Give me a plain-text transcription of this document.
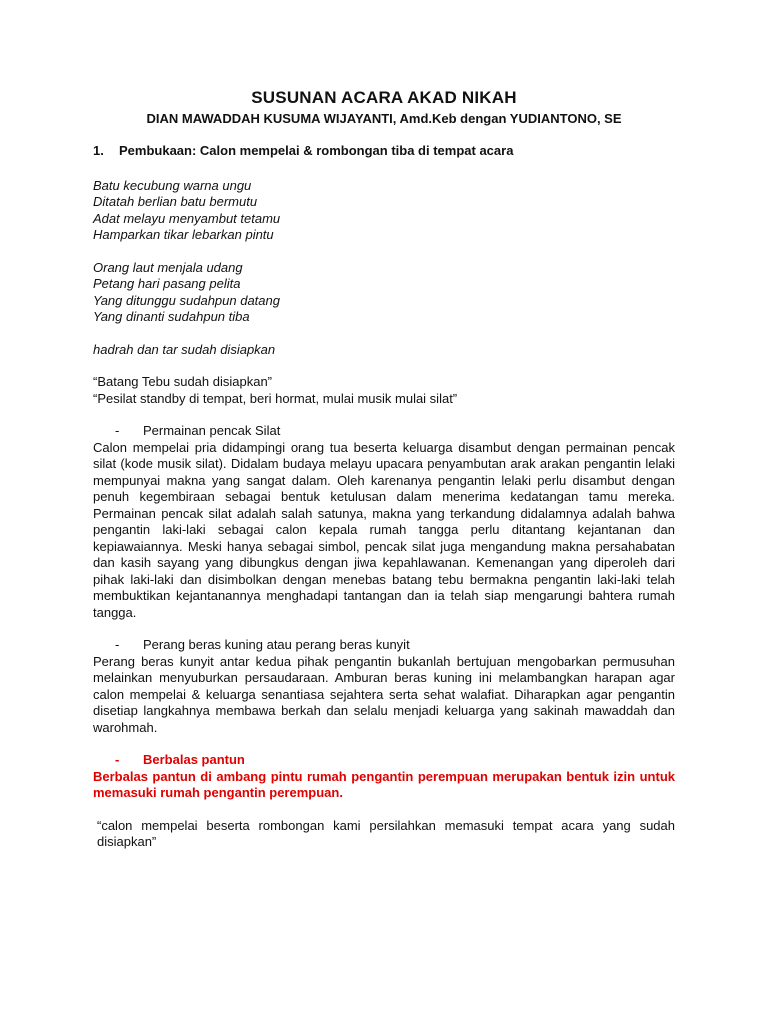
SUSUNAN ACARA AKAD NIKAH
DIAN MAWADDAH KUSUMA WIJAYANTI, Amd.Keb dengan YUDIANTONO, SE
1.	Pembukaan: Calon mempelai & rombongan tiba di tempat acara
Batu kecubung warna ungu
Ditatah berlian batu bermutu
Adat melayu menyambut tetamu
Hamparkan tikar lebarkan pintu
Orang laut menjala udang
Petang hari pasang pelita
Yang ditunggu sudahpun datang
Yang dinanti sudahpun tiba
hadrah dan tar sudah disiapkan
“Batang Tebu sudah disiapkan”
“Pesilat standby di tempat, beri hormat, mulai musik mulai silat”
-	Permainan pencak Silat
Calon mempelai pria didampingi orang tua beserta keluarga disambut dengan permainan pencak silat (kode musik silat). Didalam budaya melayu upacara penyambutan arak arakan pengantin lelaki mempunyai makna yang sangat dalam. Oleh karenanya pengantin lelaki perlu disambut dengan penuh kegembiraan sebagai bentuk ketulusan dalam menerima kedatangan tamu mereka. Permainan pencak silat adalah salah satunya, makna yang terkandung didalamnya adalah bahwa pengantin laki-laki sebagai calon kepala rumah tangga perlu ditantang kejantanan dan kepiawaiannya. Meski hanya sebagai simbol, pencak silat juga mengandung makna persahabatan dan kasih sayang yang dibungkus dengan jiwa kepahlawanan. Kemenangan yang diperoleh dari pihak laki-laki dan disimbolkan dengan menebas batang tebu bermakna pengantin laki-laki telah membuktikan kejantanannya menghadapi tantangan dan ia telah siap mengarungi bahtera rumah tangga.
-	Perang beras kuning atau perang beras kunyit
Perang beras kunyit antar kedua pihak pengantin bukanlah bertujuan mengobarkan permusuhan melainkan menyuburkan persaudaraan. Amburan beras kuning ini melambangkan harapan agar calon mempelai & keluarga senantiasa sejahtera serta sehat walafiat. Diharapkan agar pengantin disetiap langkahnya membawa berkah dan selalu menjadi keluarga yang sakinah mawaddah dan warohmah.
-	Berbalas pantun
Berbalas pantun di ambang pintu rumah pengantin perempuan merupakan bentuk izin untuk memasuki rumah pengantin perempuan.
“calon mempelai beserta rombongan kami persilahkan memasuki tempat acara yang sudah disiapkan”
